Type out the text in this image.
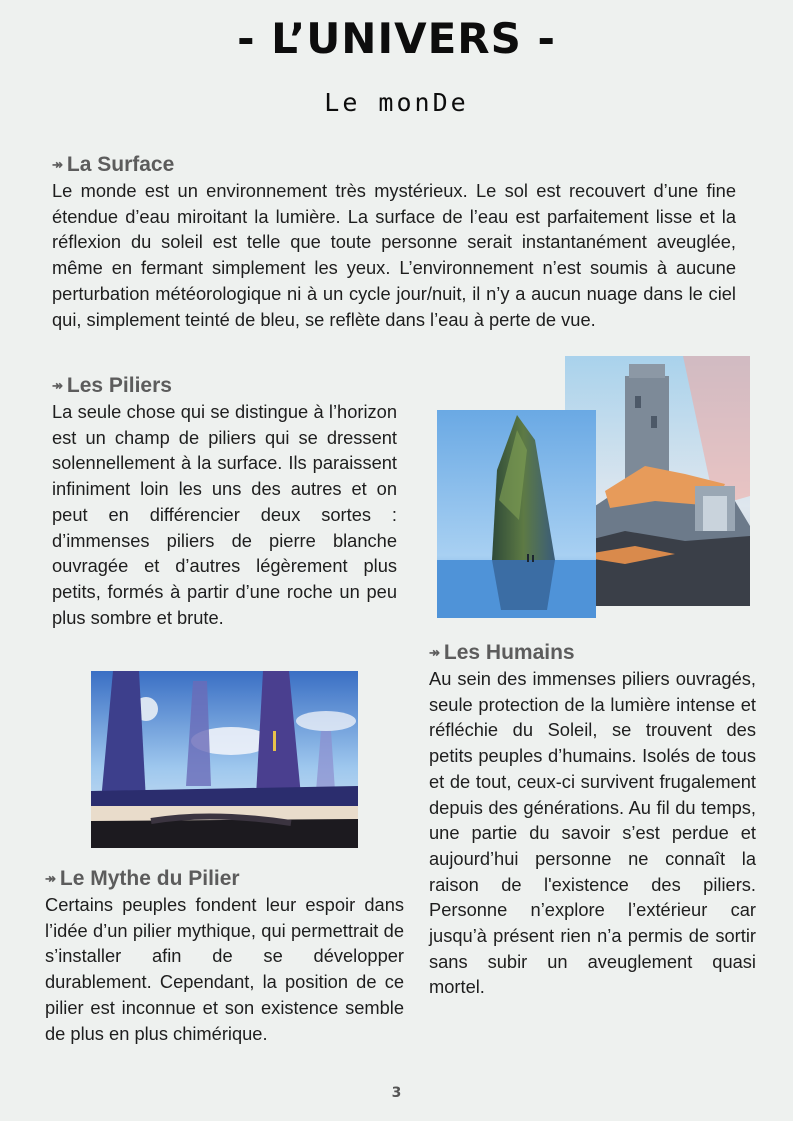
- L’UNIVERS -
Le monDe
↠ La Surface

Le monde est un environnement très mystérieux. Le sol est recouvert d’une fine étendue d’eau miroitant la lumière. La surface de l’eau est parfaitement lisse et la réflexion du soleil est telle que toute personne serait instantanément aveuglée, même en fermant simplement les yeux. L’environnement n’est soumis à aucune perturbation météorologique ni à un cycle jour/nuit, il n’y a aucun nuage dans le ciel qui, simplement teinté de bleu, se reflète dans l’eau à perte de vue.

↠ Les Piliers

La seule chose qui se distingue à l’horizon est un champ de piliers qui se dressent solennellement à la surface. Ils paraissent infiniment loin les uns des autres et on peut en différencier deux sortes : d’immenses piliers de pierre blanche ouvragée et d’autres légèrement plus petits, formés à partir d’une roche un peu plus sombre et brute.

↠ Les Humains

Au sein des immenses piliers ouvragés, seule protection de la lumière intense et réfléchie du Soleil, se trouvent des petits peuples d’humains. Isolés de tous et de tout, ceux-ci survivent frugalement depuis des générations. Au fil du temps, une partie du savoir s’est perdue et aujourd’hui personne ne connaît la raison de l'existence des piliers. Personne n’explore l’extérieur car jusqu’à présent rien n’a permis de sortir sans subir un aveuglement quasi mortel.

↠ Le Mythe du Pilier

Certains peuples fondent leur espoir dans l’idée d’un pilier mythique, qui permettrait de s’installer afin de se développer durablement. Cependant, la position de ce pilier est inconnue et son existence semble de plus en plus chimérique.

3
